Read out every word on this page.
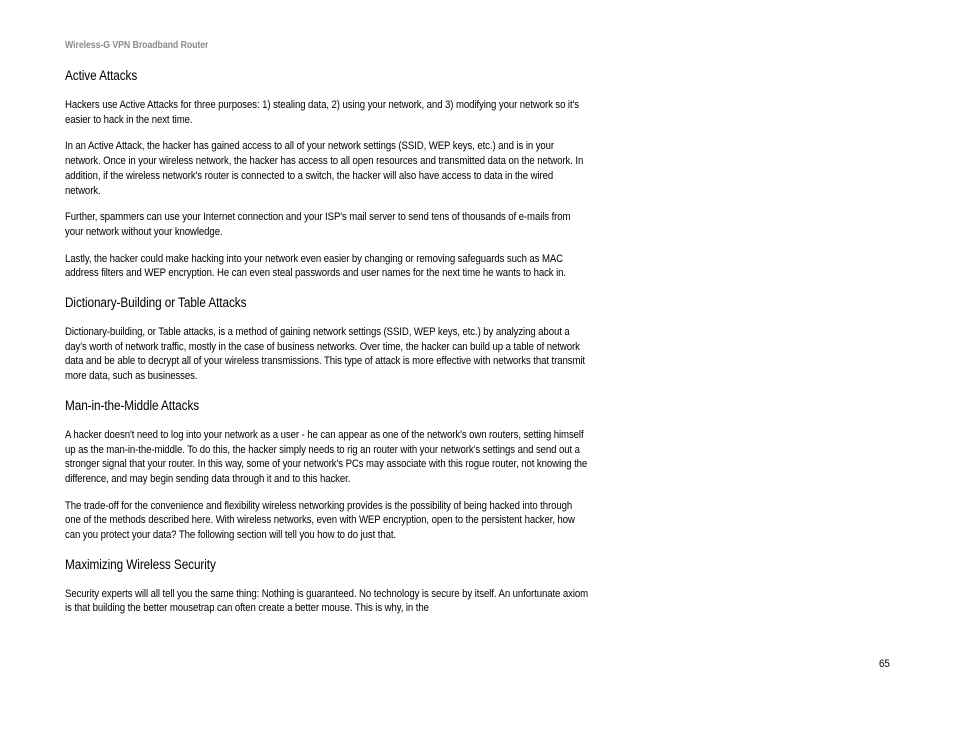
Wireless-G VPN Broadband Router
Active Attacks

Hackers use Active Attacks for three purposes: 1) stealing data, 2) using your network, and 3) modifying your network so it's easier to hack in the next time.

In an Active Attack, the hacker has gained access to all of your network settings (SSID, WEP keys, etc.) and is in your network. Once in your wireless network, the hacker has access to all open resources and transmitted data on the network. In addition, if the wireless network's router is connected to a switch, the hacker will also have access to data in the wired network.

Further, spammers can use your Internet connection and your ISP's mail server to send tens of thousands of e-mails from your network without your knowledge.

Lastly, the hacker could make hacking into your network even easier by changing or removing safeguards such as MAC address filters and WEP encryption. He can even steal passwords and user names for the next time he wants to hack in.

Dictionary-Building or Table Attacks

Dictionary-building, or Table attacks, is a method of gaining network settings (SSID, WEP keys, etc.) by analyzing about a day's worth of network traffic, mostly in the case of business networks. Over time, the hacker can build up a table of network data and be able to decrypt all of your wireless transmissions. This type of attack is more effective with networks that transmit more data, such as businesses.

Man-in-the-Middle Attacks

A hacker doesn't need to log into your network as a user - he can appear as one of the network's own routers, setting himself up as the man-in-the-middle. To do this, the hacker simply needs to rig an router with your network's settings and send out a stronger signal that your router. In this way, some of your network's PCs may associate with this rogue router, not knowing the difference, and may begin sending data through it and to this hacker.

The trade-off for the convenience and flexibility wireless networking provides is the possibility of being hacked into through one of the methods described here. With wireless networks, even with WEP encryption, open to the persistent hacker, how can you protect your data? The following section will tell you how to do just that.

Maximizing Wireless Security

Security experts will all tell you the same thing: Nothing is guaranteed. No technology is secure by itself. An unfortunate axiom is that building the better mousetrap can often create a better mouse. This is why, in the

65
